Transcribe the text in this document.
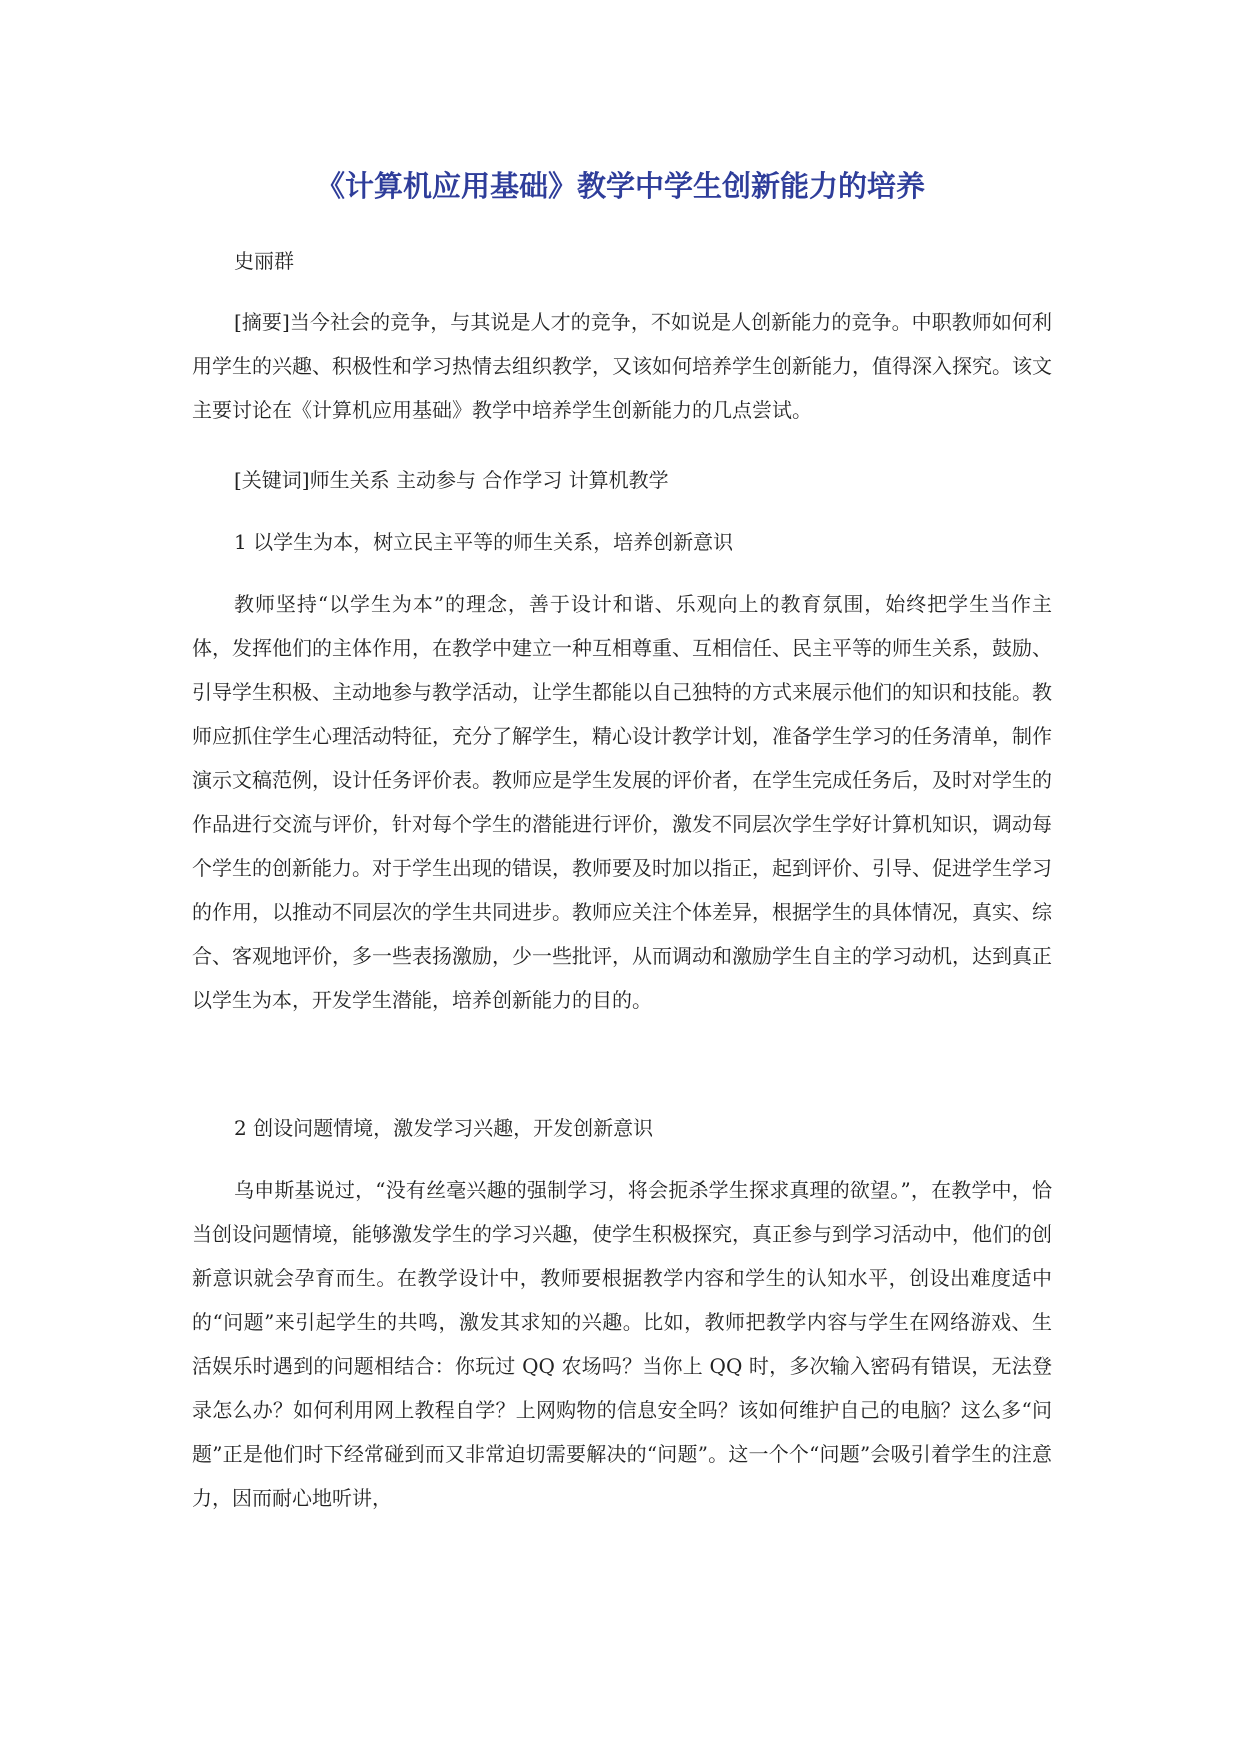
《计算机应用基础》教学中学生创新能力的培养

史丽群

[摘要]当今社会的竞争，与其说是人才的竞争，不如说是人创新能力的竞争。中职教师如何利用学生的兴趣、积极性和学习热情去组织教学，又该如何培养学生创新能力，值得深入探究。该文主要讨论在《计算机应用基础》教学中培养学生创新能力的几点尝试。

[关键词]师生关系 主动参与 合作学习 计算机教学

1 以学生为本，树立民主平等的师生关系，培养创新意识

教师坚持“以学生为本”的理念，善于设计和谐、乐观向上的教育氛围，始终把学生当作主体，发挥他们的主体作用，在教学中建立一种互相尊重、互相信任、民主平等的师生关系，鼓励、引导学生积极、主动地参与教学活动，让学生都能以自己独特的方式来展示他们的知识和技能。教师应抓住学生心理活动特征，充分了解学生，精心设计教学计划，准备学生学习的任务清单，制作演示文稿范例，设计任务评价表。教师应是学生发展的评价者，在学生完成任务后，及时对学生的作品进行交流与评价，针对每个学生的潜能进行评价，激发不同层次学生学好计算机知识，调动每个学生的创新能力。对于学生出现的错误，教师要及时加以指正，起到评价、引导、促进学生学习的作用，以推动不同层次的学生共同进步。教师应关注个体差异，根据学生的具体情况，真实、综合、客观地评价，多一些表扬激励，少一些批评，从而调动和激励学生自主的学习动机，达到真正以学生为本，开发学生潜能，培养创新能力的目的。

2 创设问题情境，激发学习兴趣，开发创新意识

乌申斯基说过，“没有丝毫兴趣的强制学习，将会扼杀学生探求真理的欲望。”，在教学中，恰当创设问题情境，能够激发学生的学习兴趣，使学生积极探究，真正参与到学习活动中，他们的创新意识就会孕育而生。在教学设计中，教师要根据教学内容和学生的认知水平，创设出难度适中的“问题”来引起学生的共鸣，激发其求知的兴趣。比如，教师把教学内容与学生在网络游戏、生活娱乐时遇到的问题相结合：你玩过 QQ 农场吗？当你上 QQ 时，多次输入密码有错误，无法登录怎么办？如何利用网上教程自学？上网购物的信息安全吗？该如何维护自己的电脑？这么多“问题”正是他们时下经常碰到而又非常迫切需要解决的“问题”。这一个个“问题”会吸引着学生的注意力，因而耐心地听讲，
